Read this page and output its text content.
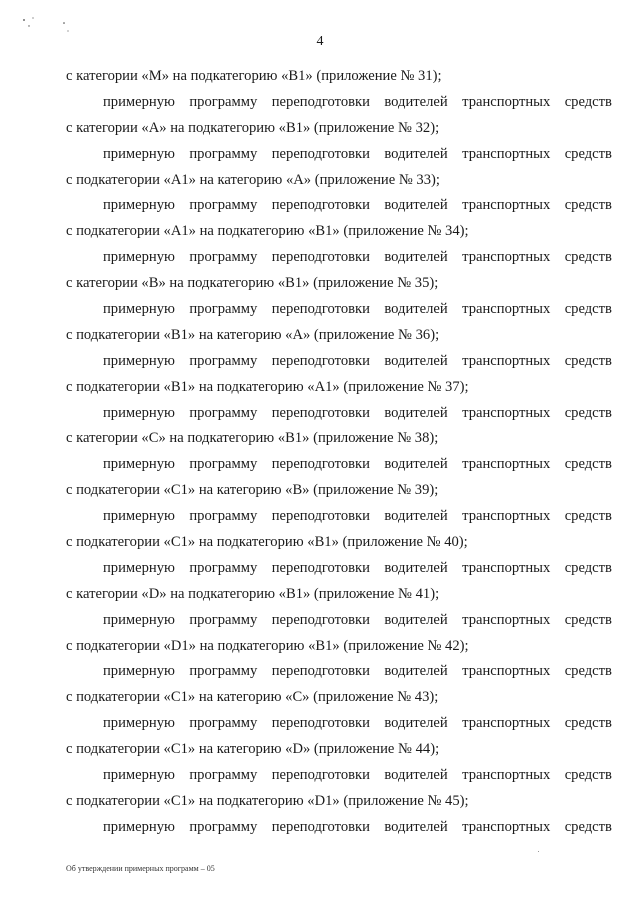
4
с категории «М» на подкатегорию «В1» (приложение № 31);
примерную программу переподготовки водителей транспортных средств
с категории «А» на подкатегорию «В1» (приложение № 32);
примерную программу переподготовки водителей транспортных средств
с подкатегории «А1» на категорию «А» (приложение № 33);
примерную программу переподготовки водителей транспортных средств
с подкатегории «А1» на подкатегорию «В1» (приложение № 34);
примерную программу переподготовки водителей транспортных средств
с категории «В» на подкатегорию «В1» (приложение № 35);
примерную программу переподготовки водителей транспортных средств
с подкатегории «В1» на категорию «А» (приложение № 36);
примерную программу переподготовки водителей транспортных средств
с подкатегории «В1» на подкатегорию «А1» (приложение № 37);
примерную программу переподготовки водителей транспортных средств
с категории «С» на подкатегорию «В1» (приложение № 38);
примерную программу переподготовки водителей транспортных средств
с подкатегории «С1» на категорию «В» (приложение № 39);
примерную программу переподготовки водителей транспортных средств
с подкатегории «С1» на подкатегорию «В1» (приложение № 40);
примерную программу переподготовки водителей транспортных средств
с категории «D» на подкатегорию «В1» (приложение № 41);
примерную программу переподготовки водителей транспортных средств
с подкатегории «D1» на подкатегорию «В1» (приложение № 42);
примерную программу переподготовки водителей транспортных средств
с подкатегории «С1» на категорию «С» (приложение № 43);
примерную программу переподготовки водителей транспортных средств
с подкатегории «С1» на категорию «D» (приложение № 44);
примерную программу переподготовки водителей транспортных средств
с подкатегории «С1» на подкатегорию «D1» (приложение № 45);
примерную программу переподготовки водителей транспортных средств
Об утверждении примерных программ – 05
